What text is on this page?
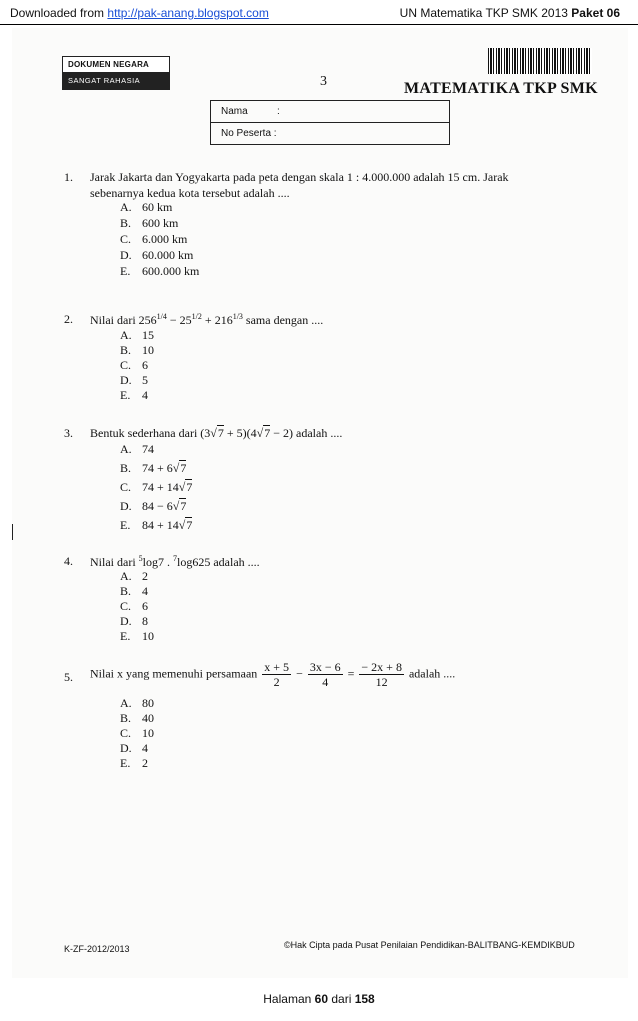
Downloaded from http://pak-anang.blogspot.com	UN Matematika TKP SMK 2013 Paket 06
DOKUMEN NEGARA
SANGAT RAHASIA	3	MATEMATIKA TKP SMK
Nama	:
No Peserta :
1. Jarak Jakarta dan Yogyakarta pada peta dengan skala 1 : 4.000.000 adalah 15 cm. Jarak
sebenarnya kedua kota tersebut adalah ....
A. 60 km
B. 600 km
C. 6.000 km
D. 60.000 km
E. 600.000 km
2. Nilai dari $256^{1/4} - 25^{1/2} + 216^{1/3}$ sama dengan ....
A. 15
B. 10
C. 6
D. 5
E. 4
3. Bentuk sederhana dari (3√7 + 5)(4√7 − 2) adalah ....
A. 74
B. 74 + 6√7
C. 74 + 14√7
D. 84 − 6√7
E. 84 + 14√7
4. Nilai dari $^5$log7 . $^7$log625 adalah ....
A. 2
B. 4
C. 6
D. 8
E. 10
5. Nilai x yang memenuhi persamaan $\frac{x + 5}{2} - \frac{3x - 6}{4} = \frac{- 2x + 8}{12}$ adalah ....
A. 80
B. 40
C. 10
D. 4
E. 2
K-ZF-2012/2013	©Hak Cipta pada Pusat Penilaian Pendidikan-BALITBANG-KEMDIKBUD
Halaman 60 dari 158
